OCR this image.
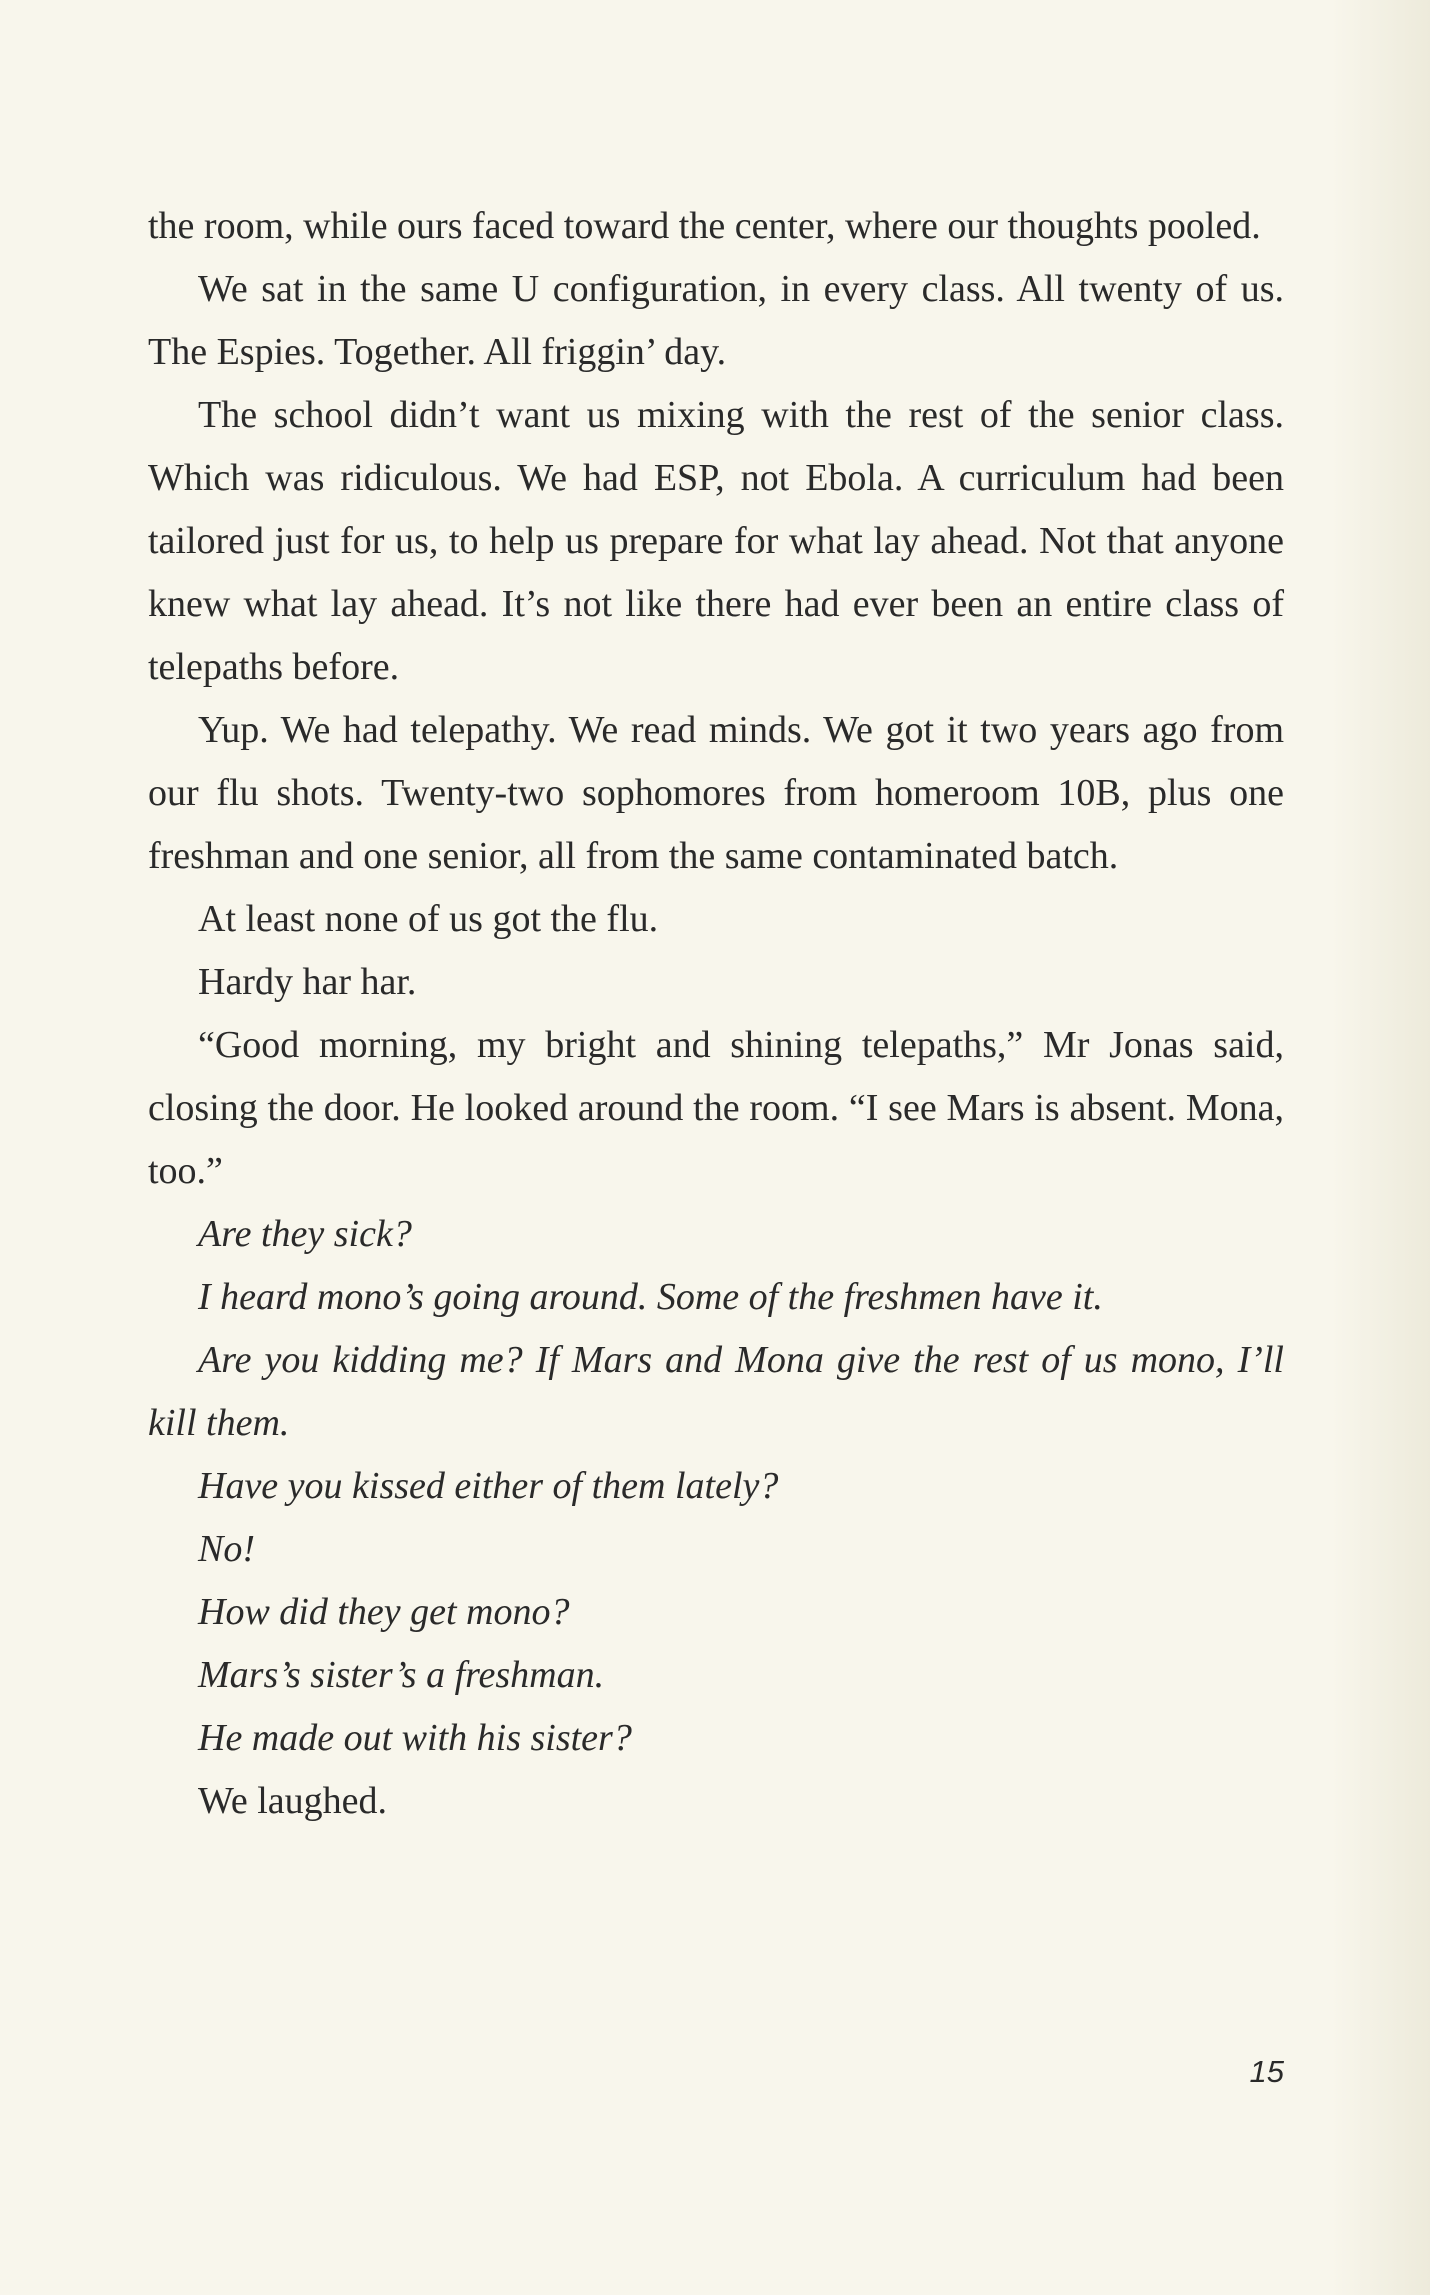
the room, while ours faced toward the center, where our thoughts pooled.

We sat in the same U configuration, in every class. All twenty of us. The Espies. Together. All friggin’ day.

The school didn’t want us mixing with the rest of the senior class. Which was ridiculous. We had ESP, not Ebola. A curriculum had been tailored just for us, to help us prepare for what lay ahead. Not that anyone knew what lay ahead. It’s not like there had ever been an entire class of telepaths before.

Yup. We had telepathy. We read minds. We got it two years ago from our flu shots. Twenty-two sophomores from homeroom 10B, plus one freshman and one senior, all from the same contaminated batch.

At least none of us got the flu.

Hardy har har.

“Good morning, my bright and shining telepaths,” Mr Jonas said, closing the door. He looked around the room. “I see Mars is absent. Mona, too.”

Are they sick?

I heard mono’s going around. Some of the freshmen have it.

Are you kidding me? If Mars and Mona give the rest of us mono, I’ll kill them.

Have you kissed either of them lately?

No!

How did they get mono?

Mars’s sister’s a freshman.

He made out with his sister?

We laughed.

15
